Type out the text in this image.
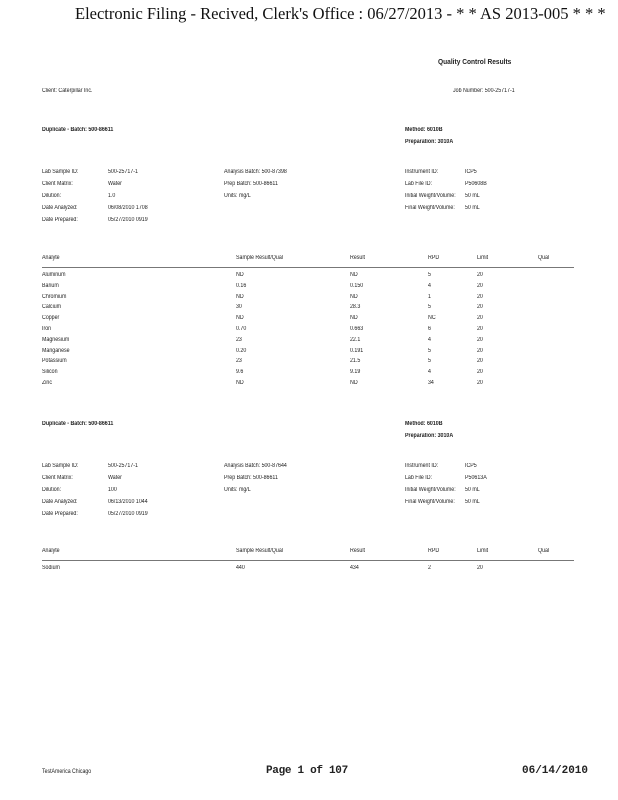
Electronic Filing - Recived, Clerk's Office : 06/27/2013 - * * AS 2013-005 * * *
Quality Control Results
Client: Caterpillar Inc.	Job Number: 500-25717-1
Duplicate - Batch: 500-86611	Method: 6010B
Preparation: 3010A
Lab Sample ID:	500-25717-1
Client Matrix:	Water
Dilution:	1.0
Date Analyzed:	06/08/2010 1708
Date Prepared:	05/27/2010 0919
Analysis Batch: 500-87398
Prep Batch: 500-86611
Units: mg/L
Instrument ID:	ICP5
Lab File ID:	P50608B
Initial Weight/Volume: 50 mL
Final Weight/Volume: 50 mL
Analyte	Sample Result/Qual	Result	RPD	Limit	Qual
Aluminum	ND	ND	5	20
Barium	0.16	0.150	4	20
Chromium	ND	ND	1	20
Calcium	30	28.3	5	20
Copper	ND	ND	NC	20
Iron	0.70	0.663	6	20
Magnesium	23	22.1	4	20
Manganese	0.20	0.191	5	20
Potassium	23	21.5	5	20
Silicon	9.6	9.19	4	20
Zinc	ND	ND	34	20
Duplicate - Batch: 500-86611	Method: 6010B
Preparation: 3010A
Lab Sample ID:	500-25717-1
Client Matrix:	Water
Dilution:	100
Date Analyzed:	06/13/2010 1044
Date Prepared:	05/27/2010 0919
Analysis Batch: 500-87644
Prep Batch: 500-86611
Units: mg/L
Instrument ID:	ICP5
Lab File ID:	P50613A
Initial Weight/Volume: 50 mL
Final Weight/Volume: 50 mL
Analyte	Sample Result/Qual	Result	RPD	Limit	Qual
Sodium	440	434	2	20
TestAmerica Chicago	Page 1 of 107	06/14/2010
